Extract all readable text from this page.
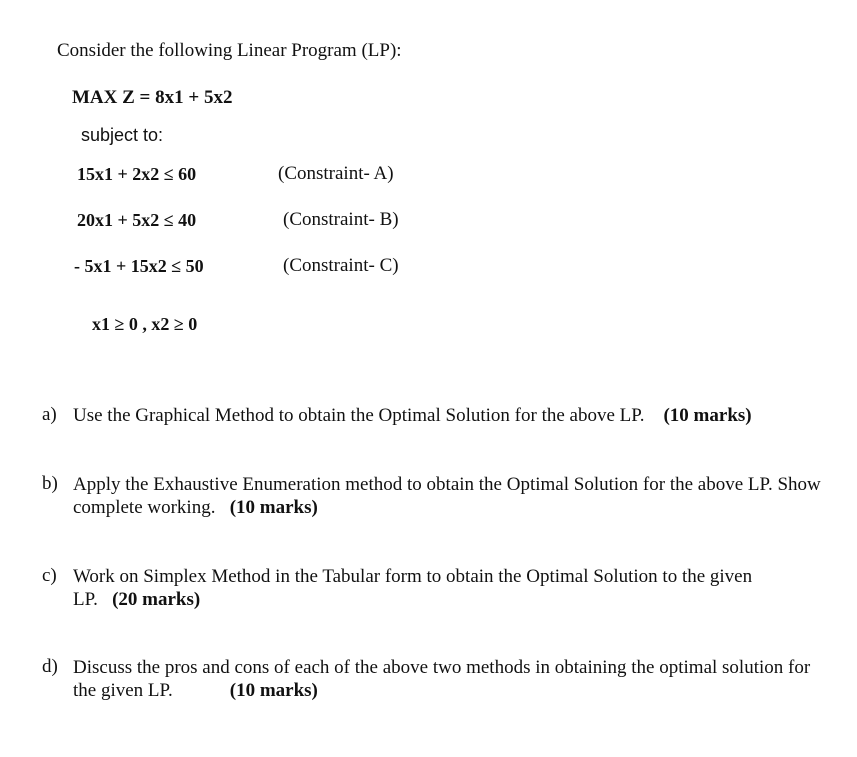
Consider the following Linear Program (LP):
MAX Z = 8x1 + 5x2
subject to:
15x1 + 2x2 ≤ 60	(Constraint- A)
20x1 + 5x2 ≤ 40	(Constraint- B)
- 5x1 + 15x2 ≤ 50	(Constraint- C)
x1 ≥ 0 , x2 ≥ 0
a) Use the Graphical Method to obtain the Optimal Solution for the above LP. (10 marks)
b) Apply the Exhaustive Enumeration method to obtain the Optimal Solution for the above LP. Show complete working. (10 marks)
c) Work on Simplex Method in the Tabular form to obtain the Optimal Solution to the given LP. (20 marks)
d) Discuss the pros and cons of each of the above two methods in obtaining the optimal solution for the given LP.	(10 marks)
